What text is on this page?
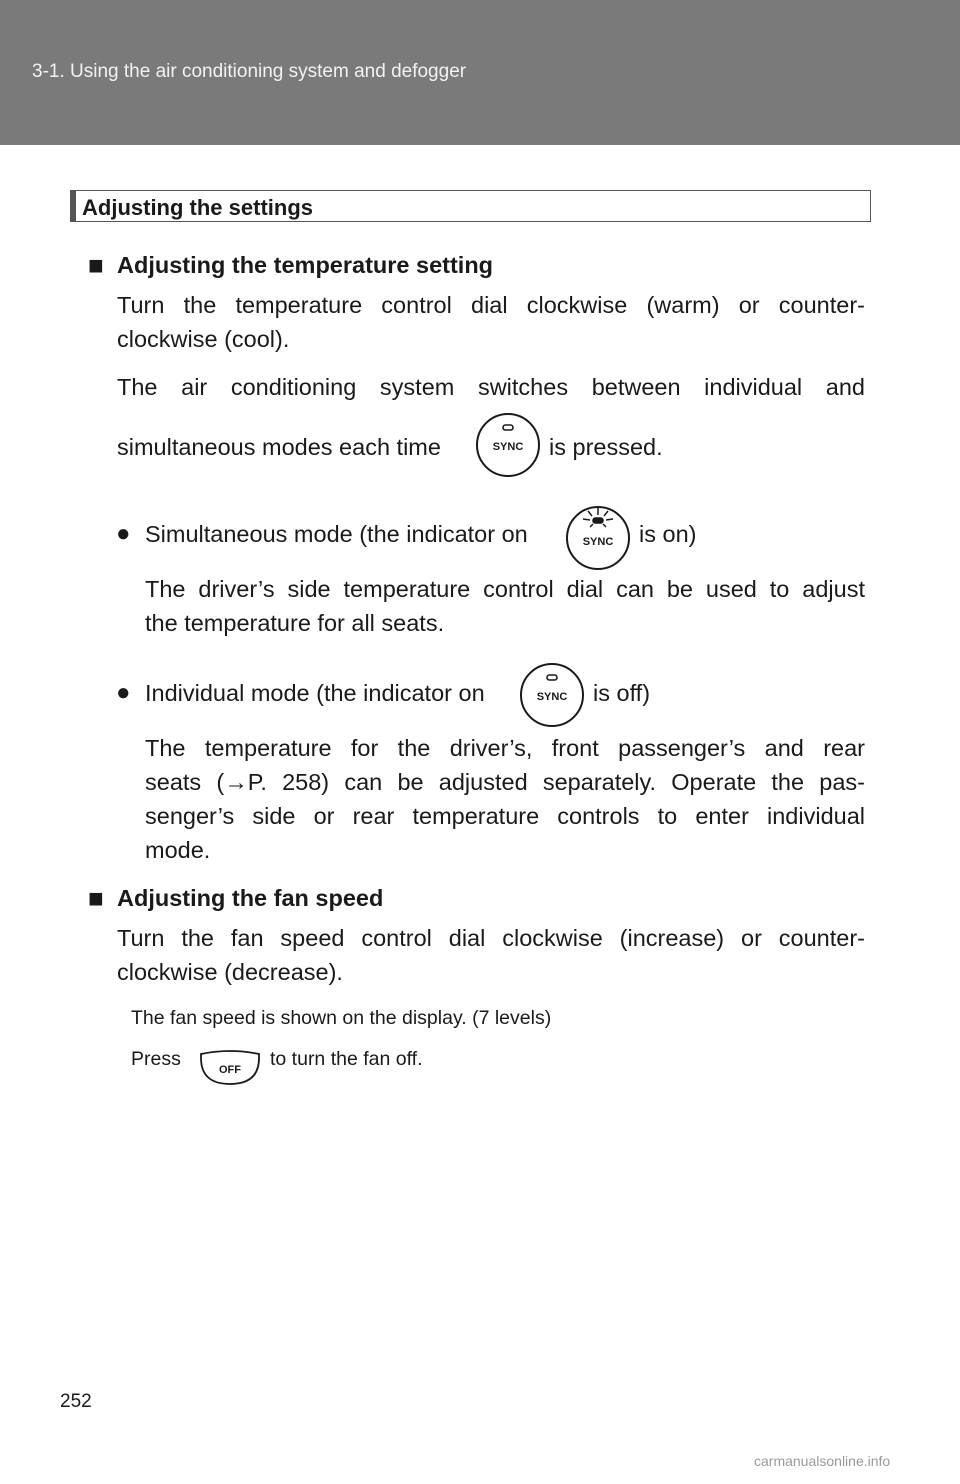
3-1. Using the air conditioning system and defogger
Adjusting the settings
■ Adjusting the temperature setting
Turn the temperature control dial clockwise (warm) or counter-
clockwise (cool).
The air conditioning system switches between individual and
simultaneous modes each time	SYNC is pressed.
● Simultaneous mode (the indicator on	SYNC is on)
The driver’s side temperature control dial can be used to adjust
the temperature for all seats.
● Individual mode (the indicator on	SYNC is off)
The temperature for the driver’s, front passenger’s and rear
seats (→P. 258) can be adjusted separately. Operate the pas-
senger’s side or rear temperature controls to enter individual
mode.
■ Adjusting the fan speed
Turn the fan speed control dial clockwise (increase) or counter-
clockwise (decrease).
The fan speed is shown on the display. (7 levels)
Press	OFF to turn the fan off.
252
carmanualsonline.info
